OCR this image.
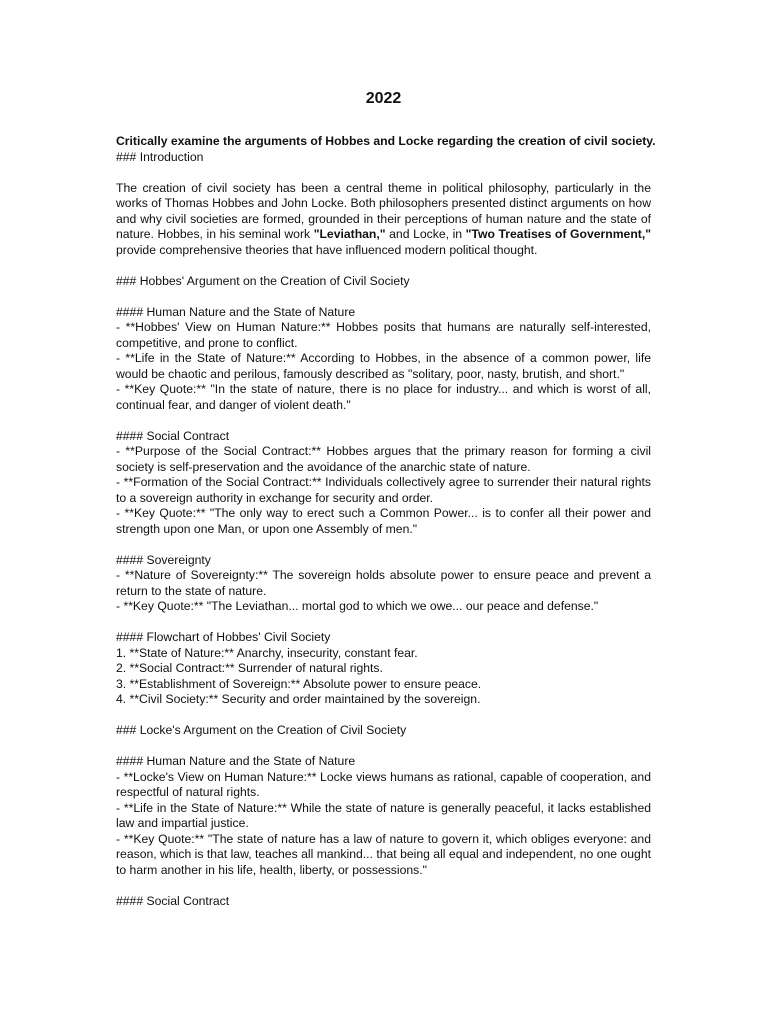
2022
Critically examine the arguments of Hobbes and Locke regarding the creation of civil society.
### Introduction
The creation of civil society has been a central theme in political philosophy, particularly in the works of Thomas Hobbes and John Locke. Both philosophers presented distinct arguments on how and why civil societies are formed, grounded in their perceptions of human nature and the state of nature. Hobbes, in his seminal work "Leviathan," and Locke, in "Two Treatises of Government," provide comprehensive theories that have influenced modern political thought.
### Hobbes' Argument on the Creation of Civil Society
#### Human Nature and the State of Nature
- **Hobbes' View on Human Nature:** Hobbes posits that humans are naturally self-interested, competitive, and prone to conflict.
- **Life in the State of Nature:** According to Hobbes, in the absence of a common power, life would be chaotic and perilous, famously described as "solitary, poor, nasty, brutish, and short."
- **Key Quote:** "In the state of nature, there is no place for industry... and which is worst of all, continual fear, and danger of violent death."
#### Social Contract
- **Purpose of the Social Contract:** Hobbes argues that the primary reason for forming a civil society is self-preservation and the avoidance of the anarchic state of nature.
- **Formation of the Social Contract:** Individuals collectively agree to surrender their natural rights to a sovereign authority in exchange for security and order.
- **Key Quote:** "The only way to erect such a Common Power... is to confer all their power and strength upon one Man, or upon one Assembly of men."
#### Sovereignty
- **Nature of Sovereignty:** The sovereign holds absolute power to ensure peace and prevent a return to the state of nature.
- **Key Quote:** "The Leviathan... mortal god to which we owe... our peace and defense."
#### Flowchart of Hobbes' Civil Society
1. **State of Nature:** Anarchy, insecurity, constant fear.
2. **Social Contract:** Surrender of natural rights.
3. **Establishment of Sovereign:** Absolute power to ensure peace.
4. **Civil Society:** Security and order maintained by the sovereign.
### Locke's Argument on the Creation of Civil Society
#### Human Nature and the State of Nature
- **Locke's View on Human Nature:** Locke views humans as rational, capable of cooperation, and respectful of natural rights.
- **Life in the State of Nature:** While the state of nature is generally peaceful, it lacks established law and impartial justice.
- **Key Quote:** "The state of nature has a law of nature to govern it, which obliges everyone: and reason, which is that law, teaches all mankind... that being all equal and independent, no one ought to harm another in his life, health, liberty, or possessions."
#### Social Contract
